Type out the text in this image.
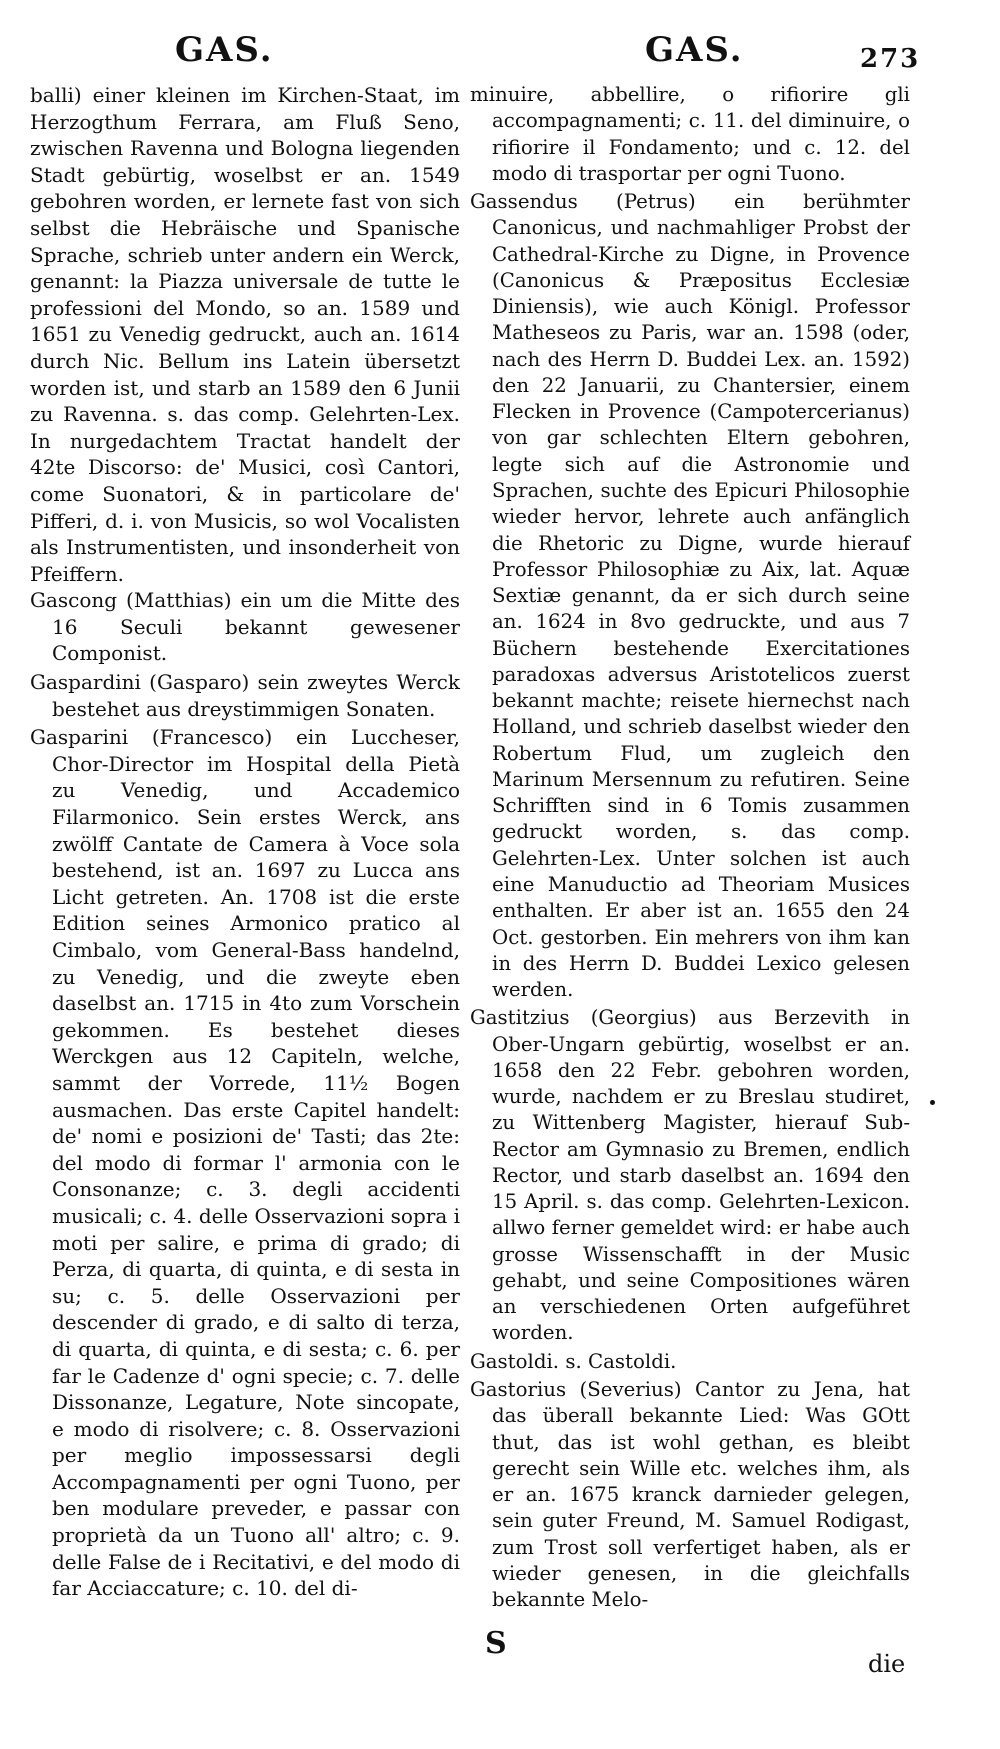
GAS.	GAS.	273

balli) einer kleinen im Kirchen-Staat, im Herzogthum Ferrara, am Fluß Seno, zwischen Ravenna und Bologna liegenden Stadt gebürtig, woselbst er an. 1549 gebohren worden, er lernete fast von sich selbst die Hebräische und Spanische Sprache, schrieb unter andern ein Werck, genannt: la Piazza universale de tutte le professioni del Mondo, so an. 1589 und 1651 zu Venedig gedruckt, auch an. 1614 durch Nic. Bellum ins Latein übersetzt worden ist, und starb an 1589 den 6 Junii zu Ravenna. s. das comp. Gelehrten-Lex. In nurgedachtem Tractat handelt der 42te Discorso: de' Musici, così Cantori, come Suonatori, & in particolare de' Pifferi, d. i. von Musicis, so wol Vocalisten als Instrumentisten, und insonderheit von Pfeiffern.

Gascong (Matthias) ein um die Mitte des 16 Seculi bekannt gewesener Componist.

Gaspardini (Gasparo) sein zweytes Werck bestehet aus dreystimmigen Sonaten.

Gasparini (Francesco) ein Luccheser, Chor-Director im Hospital della Pietà zu Venedig, und Accademico Filarmonico. Sein erstes Werck, ans zwölff Cantate de Camera à Voce sola bestehend, ist an. 1697 zu Lucca ans Licht getreten. An. 1708 ist die erste Edition seines Armonico pratico al Cimbalo, vom General-Bass handelnd, zu Venedig, und die zweyte eben daselbst an. 1715 in 4to zum Vorschein gekommen. Es bestehet dieses Werckgen aus 12 Capiteln, welche, sammt der Vorrede, 11½ Bogen ausmachen. Das erste Capitel handelt: de' nomi e posizioni de' Tasti; das 2te: del modo di formar l' armonia con le Consonanze; c. 3. degli accidenti musicali; c. 4. delle Osservazioni sopra i moti per salire, e prima di grado; di Perza, di quarta, di quinta, e di sesta in su; c. 5. delle Osservazioni per descender di grado, e di salto di terza, di quarta, di quinta, e di sesta; c. 6. per far le Cadenze d' ogni specie; c. 7. delle Dissonanze, Legature, Note sincopate, e modo di risolvere; c. 8. Osservazioni per meglio impossessarsi degli Accompagnamenti per ogni Tuono, per ben modulare preveder, e passar con proprietà da un Tuono all' altro; c. 9. delle False de i Recitativi, e del modo di far Acciaccature; c. 10. del di-

minuire, abbellire, o rifiorire gli accompagnamenti; c. 11. del diminuire, o rifiorire il Fondamento; und c. 12. del modo di trasportar per ogni Tuono.

Gassendus (Petrus) ein berühmter Canonicus, und nachmahliger Probst der Cathedral-Kirche zu Digne, in Provence (Canonicus & Præpositus Ecclesiæ Diniensis), wie auch Königl. Professor Matheseos zu Paris, war an. 1598 (oder, nach des Herrn D. Buddei Lex. an. 1592) den 22 Januarii, zu Chantersier, einem Flecken in Provence (Campotercerianus) von gar schlechten Eltern gebohren, legte sich auf die Astronomie und Sprachen, suchte des Epicuri Philosophie wieder hervor, lehrete auch anfänglich die Rhetoric zu Digne, wurde hierauf Professor Philosophiæ zu Aix, lat. Aquæ Sextiæ genannt, da er sich durch seine an. 1624 in 8vo gedruckte, und aus 7 Büchern bestehende Exercitationes paradoxas adversus Aristotelicos zuerst bekannt machte; reisete hiernechst nach Holland, und schrieb daselbst wieder den Robertum Flud, um zugleich den Marinum Mersennum zu refutiren. Seine Schrifften sind in 6 Tomis zusammen gedruckt worden, s. das comp. Gelehrten-Lex. Unter solchen ist auch eine Manuductio ad Theoriam Musices enthalten. Er aber ist an. 1655 den 24 Oct. gestorben. Ein mehrers von ihm kan in des Herrn D. Buddei Lexico gelesen werden.

Gastitzius (Georgius) aus Berzevith in Ober-Ungarn gebürtig, woselbst er an. 1658 den 22 Febr. gebohren worden, wurde, nachdem er zu Breslau studiret, zu Wittenberg Magister, hierauf Sub-Rector am Gymnasio zu Bremen, endlich Rector, und starb daselbst an. 1694 den 15 April. s. das comp. Gelehrten-Lexicon. allwo ferner gemeldet wird: er habe auch grosse Wissenschafft in der Music gehabt, und seine Compositiones wären an verschiedenen Orten aufgeführet worden.

Gastoldi. s. Castoldi.

Gastorius (Severius) Cantor zu Jena, hat das überall bekannte Lied: Was GOtt thut, das ist wohl gethan, es bleibt gerecht sein Wille etc. welches ihm, als er an. 1675 kranck darnieder gelegen, sein guter Freund, M. Samuel Rodigast, zum Trost soll verfertiget haben, als er wieder genesen, in die gleichfalls bekannte Melo-

S
die
